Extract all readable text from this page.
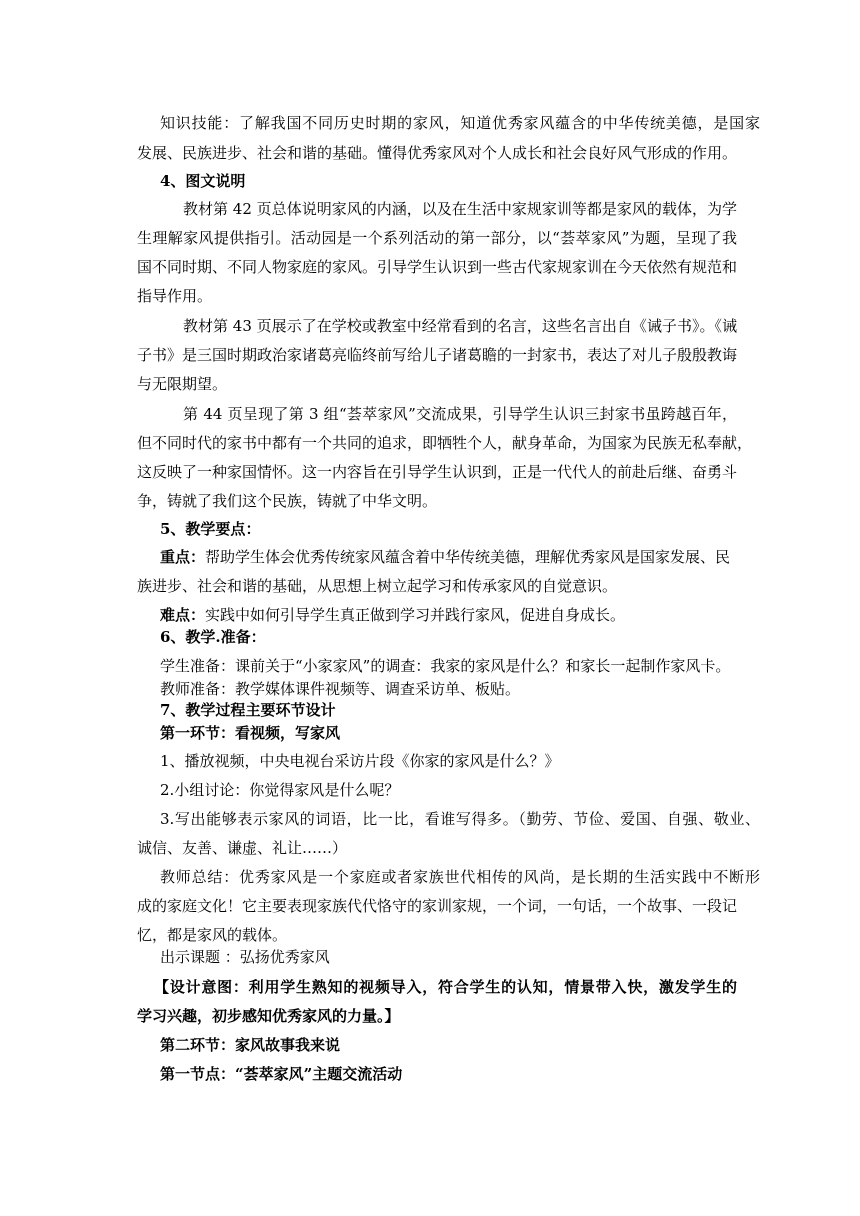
知识技能：了解我国不同历史时期的家风，知道优秀家风蕴含的中华传统美德，是国家
发展、民族进步、社会和谐的基础。懂得优秀家风对个人成长和社会良好风气形成的作用。
4、图文说明
教材第 42 页总体说明家风的内涵，以及在生活中家规家训等都是家风的载体，为学
生理解家风提供指引。活动园是一个系列活动的第一部分，以“荟萃家风”为题，呈现了我
国不同时期、不同人物家庭的家风。引导学生认识到一些古代家规家训在今天依然有规范和
指导作用。
教材第 43 页展示了在学校或教室中经常看到的名言，这些名言出自《诫子书》。《诫
子书》是三国时期政治家诸葛亮临终前写给儿子诸葛瞻的一封家书，表达了对儿子殷殷教诲
与无限期望。
第 44 页呈现了第 3 组“荟萃家风”交流成果，引导学生认识三封家书虽跨越百年，
但不同时代的家书中都有一个共同的追求，即牺牲个人，献身革命，为国家为民族无私奉献，
这反映了一种家国情怀。这一内容旨在引导学生认识到，正是一代代人的前赴后继、奋勇斗
争，铸就了我们这个民族，铸就了中华文明。
5、教学要点：
重点：帮助学生体会优秀传统家风蕴含着中华传统美德，理解优秀家风是国家发展、民
族进步、社会和谐的基础，从思想上树立起学习和传承家风的自觉意识。
难点：实践中如何引导学生真正做到学习并践行家风，促进自身成长。
6、教学.准备：
学生准备：课前关于“小家家风”的调查：我家的家风是什么？和家长一起制作家风卡。
教师准备：教学媒体课件视频等、调查采访单、板贴。
7、教学过程主要环节设计
第一环节：看视频，写家风
1、播放视频，中央电视台采访片段《你家的家风是什么？》
2.小组讨论：你觉得家风是什么呢？
3.写出能够表示家风的词语，比一比，看谁写得多。（勤劳、节俭、爱国、自强、敬业、
诚信、友善、谦虚、礼让……）
教师总结：优秀家风是一个家庭或者家族世代相传的风尚，是长期的生活实践中不断形
成的家庭文化！它主要表现家族代代恪守的家训家规，一个词，一句话，一个故事、一段记
忆，都是家风的载体。
出示课题 ：弘扬优秀家风
【设计意图：利用学生熟知的视频导入，符合学生的认知，情景带入快，激发学生的
学习兴趣，初步感知优秀家风的力量。】
第二环节：家风故事我来说
第一节点：“荟萃家风”主题交流活动
